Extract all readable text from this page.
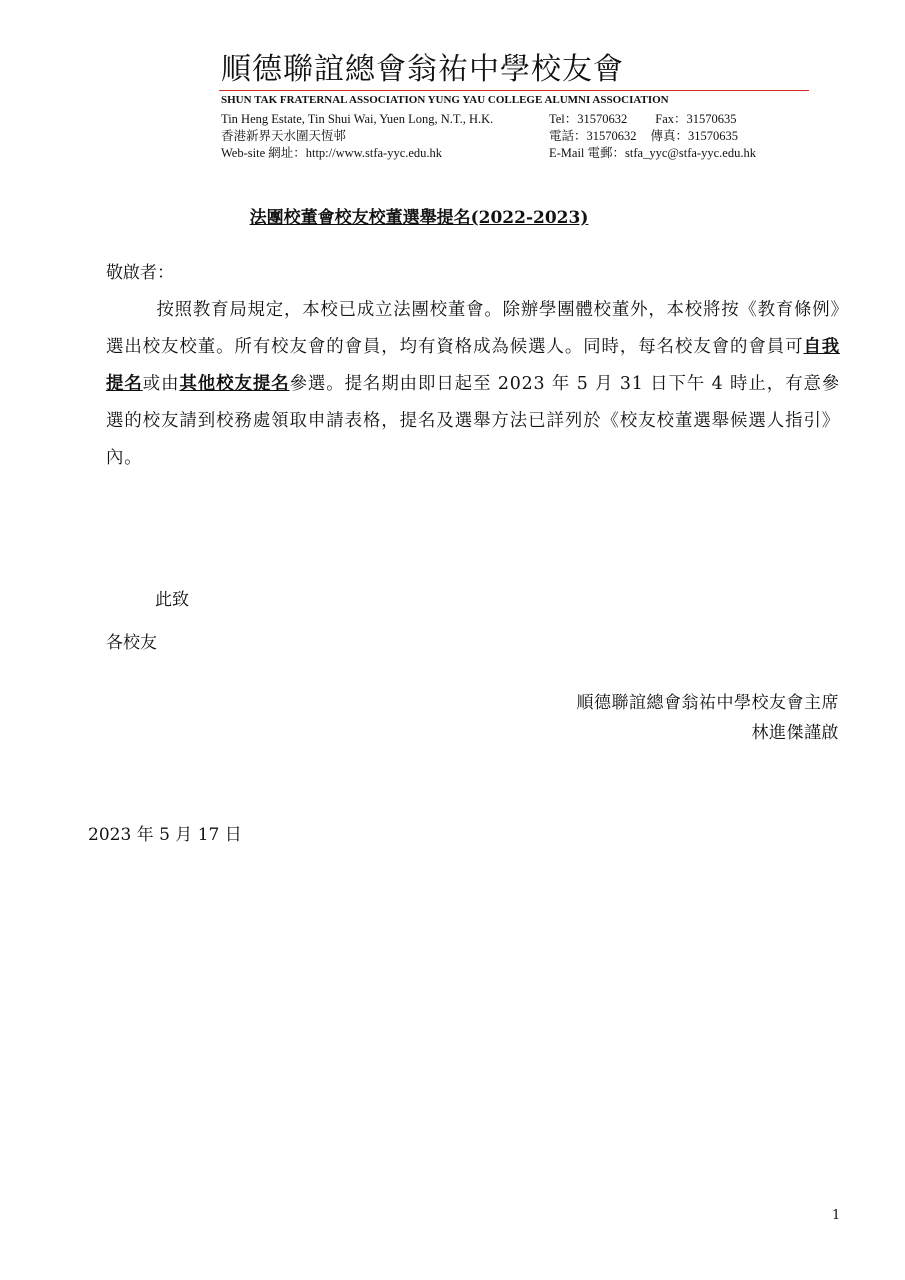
順德聯誼總會翁祐中學校友會
SHUN TAK FRATERNAL ASSOCIATION YUNG YAU COLLEGE ALUMNI ASSOCIATION
Tin Heng Estate, Tin Shui Wai, Yuen Long, N.T., H.K.
香港新界天水圍天恆邨
Web-site 網址：http://www.stfa-yyc.edu.hk
Tel：31570632 Fax：31570635
電話：31570632 傳真：31570635
E-Mail 電郵：stfa_yyc@stfa-yyc.edu.hk
法團校董會校友校董選舉提名(2022-2023)
敬啟者：
按照教育局規定，本校已成立法團校董會。除辦學團體校董外，本校將按《教育條例》選出校友校董。所有校友會的會員，均有資格成為候選人。同時，每名校友會的會員可自我提名或由其他校友提名參選。提名期由即日起至 2023 年 5 月 31 日下午 4 時止，有意參選的校友請到校務處領取申請表格，提名及選舉方法已詳列於《校友校董選舉候選人指引》內。
此致
各校友
順德聯誼總會翁祐中學校友會主席
林進傑謹啟
2023 年 5 月 17 日
1
